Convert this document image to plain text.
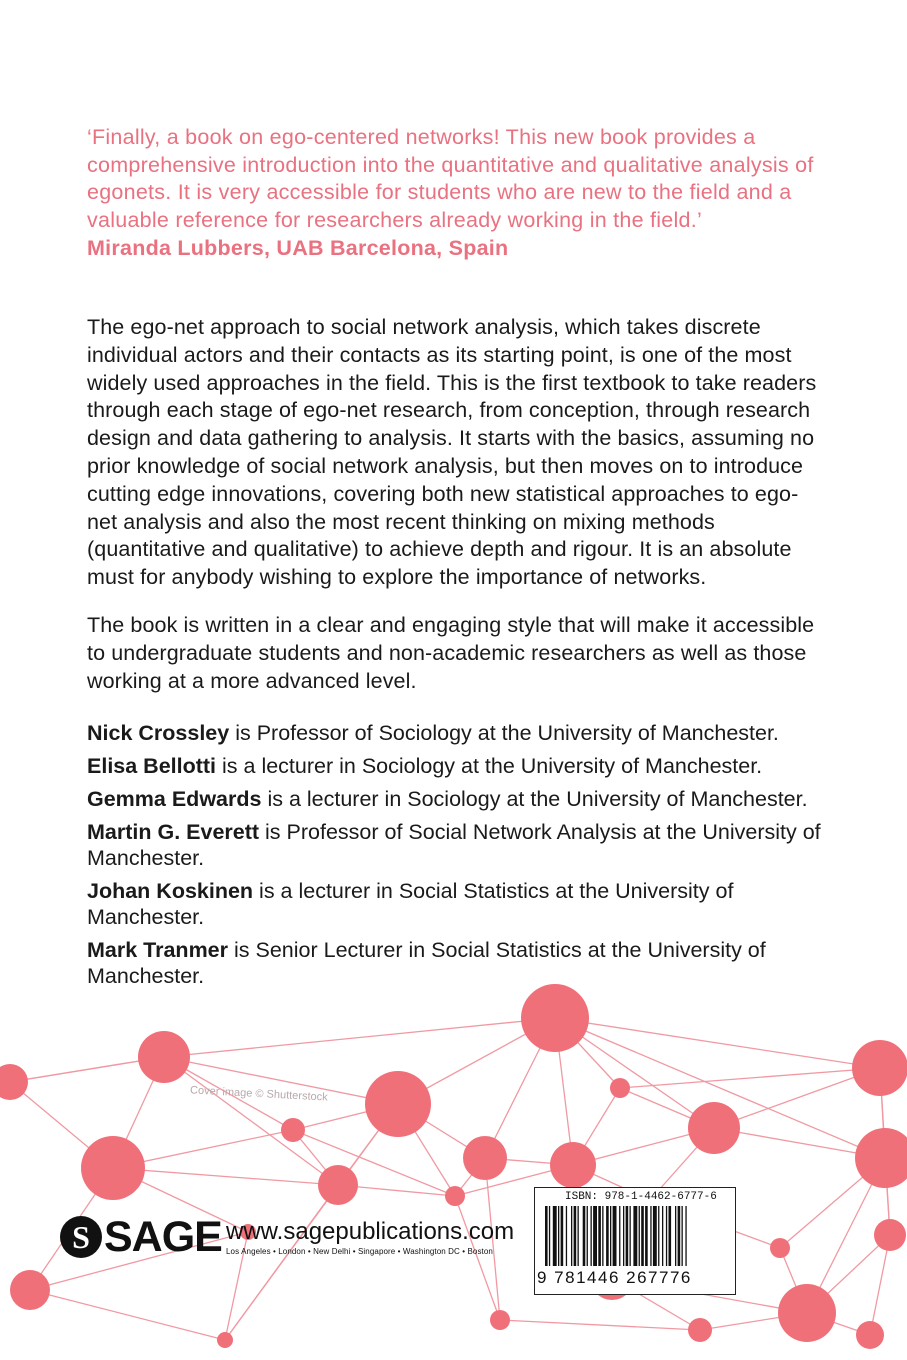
‘Finally, a book on ego-centered networks! This new book provides a comprehensive introduction into the quantitative and qualitative analysis of egonets. It is very accessible for students who are new to the field and a valuable reference for researchers already working in the field.’

Miranda Lubbers, UAB Barcelona, Spain

The ego-net approach to social network analysis, which takes discrete individual actors and their contacts as its starting point, is one of the most widely used approaches in the field. This is the first textbook to take readers through each stage of ego-net research, from conception, through research design and data gathering to analysis. It starts with the basics, assuming no prior knowledge of social network analysis, but then moves on to introduce cutting edge innovations, covering both new statistical approaches to ego-net analysis and also the most recent thinking on mixing methods (quantitative and qualitative) to achieve depth and rigour. It is an absolute must for anybody wishing to explore the importance of networks.

The book is written in a clear and engaging style that will make it accessible to undergraduate students and non-academic researchers as well as those working at a more advanced level.

Nick Crossley is Professor of Sociology at the University of Manchester.

Elisa Bellotti is a lecturer in Sociology at the University of Manchester.

Gemma Edwards is a lecturer in Sociology at the University of Manchester.

Martin G. Everett is Professor of Social Network Analysis at the University of Manchester.

Johan Koskinen is a lecturer in Social Statistics at the University of Manchester.

Mark Tranmer is Senior Lecturer in Social Statistics at the University of Manchester.

Cover image © Shutterstock
S SAGE www.sagepublications.com
Los Angeles • London • New Delhi • Singapore • Washington DC • Boston
ISBN: 978-1-4462-6777-6
9 781446 267776
